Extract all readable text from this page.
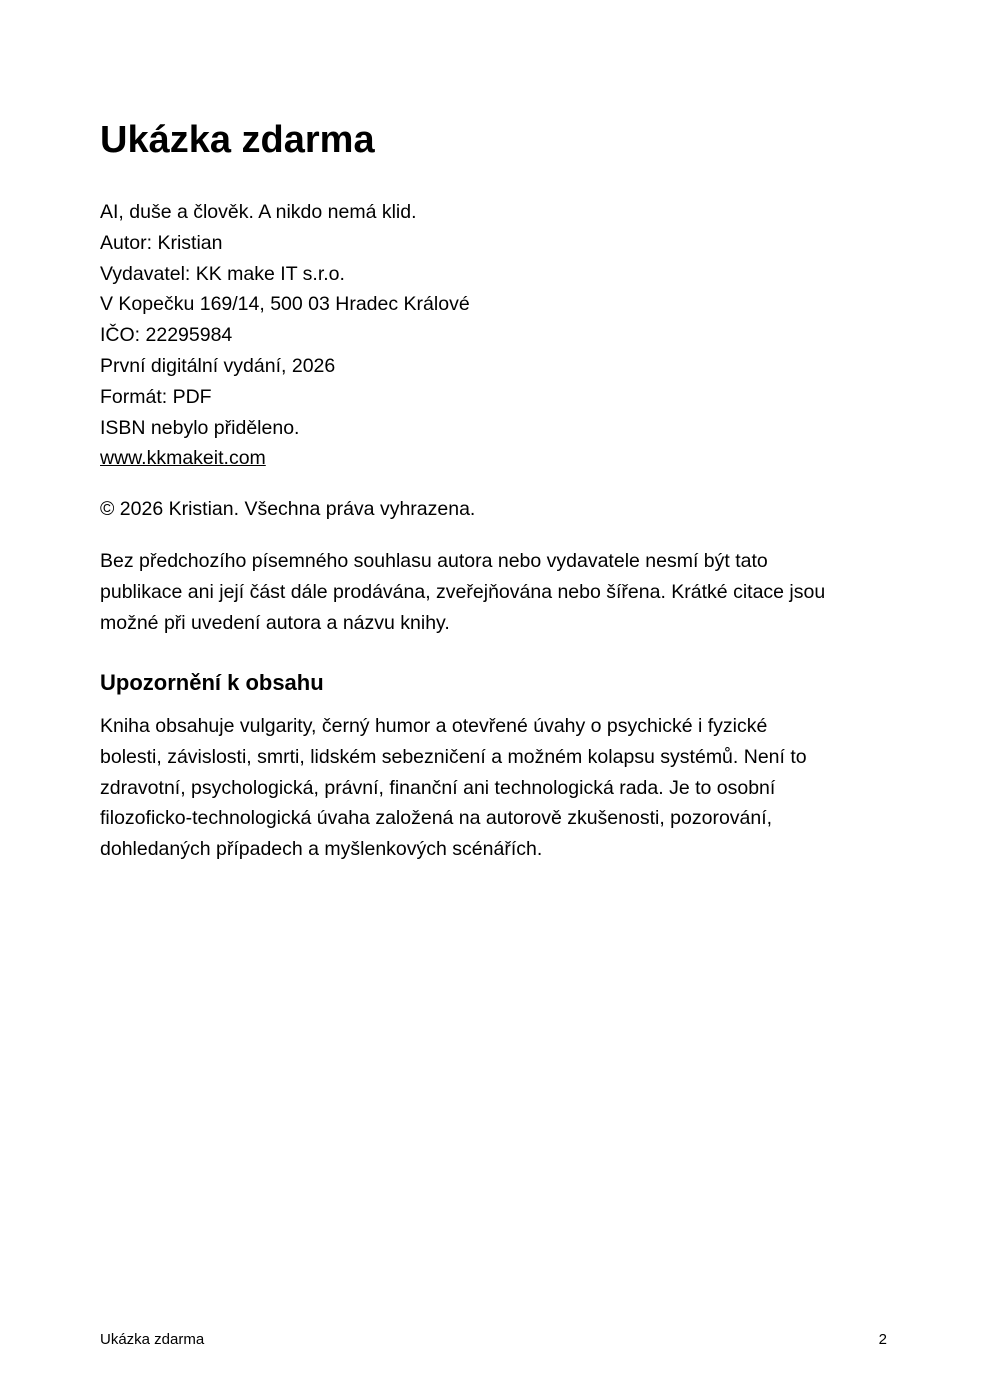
Ukázka zdarma
AI, duše a člověk. A nikdo nemá klid.
Autor: Kristian
Vydavatel: KK make IT s.r.o.
V Kopečku 169/14, 500 03 Hradec Králové
IČO: 22295984
První digitální vydání, 2026
Formát: PDF
ISBN nebylo přiděleno.
www.kkmakeit.com

© 2026 Kristian. Všechna práva vyhrazena.

Bez předchozího písemného souhlasu autora nebo vydavatele nesmí být tato
publikace ani její část dále prodávána, zveřejňována nebo šířena. Krátké citace jsou
možné při uvedení autora a názvu knihy.

Upozornění k obsahu

Kniha obsahuje vulgarity, černý humor a otevřené úvahy o psychické i fyzické
bolesti, závislosti, smrti, lidském sebezničení a možném kolapsu systémů. Není to
zdravotní, psychologická, právní, finanční ani technologická rada. Je to osobní
filozoficko-technologická úvaha založená na autorově zkušenosti, pozorování,
dohledaných případech a myšlenkových scénářích.

Ukázka zdarma	2
